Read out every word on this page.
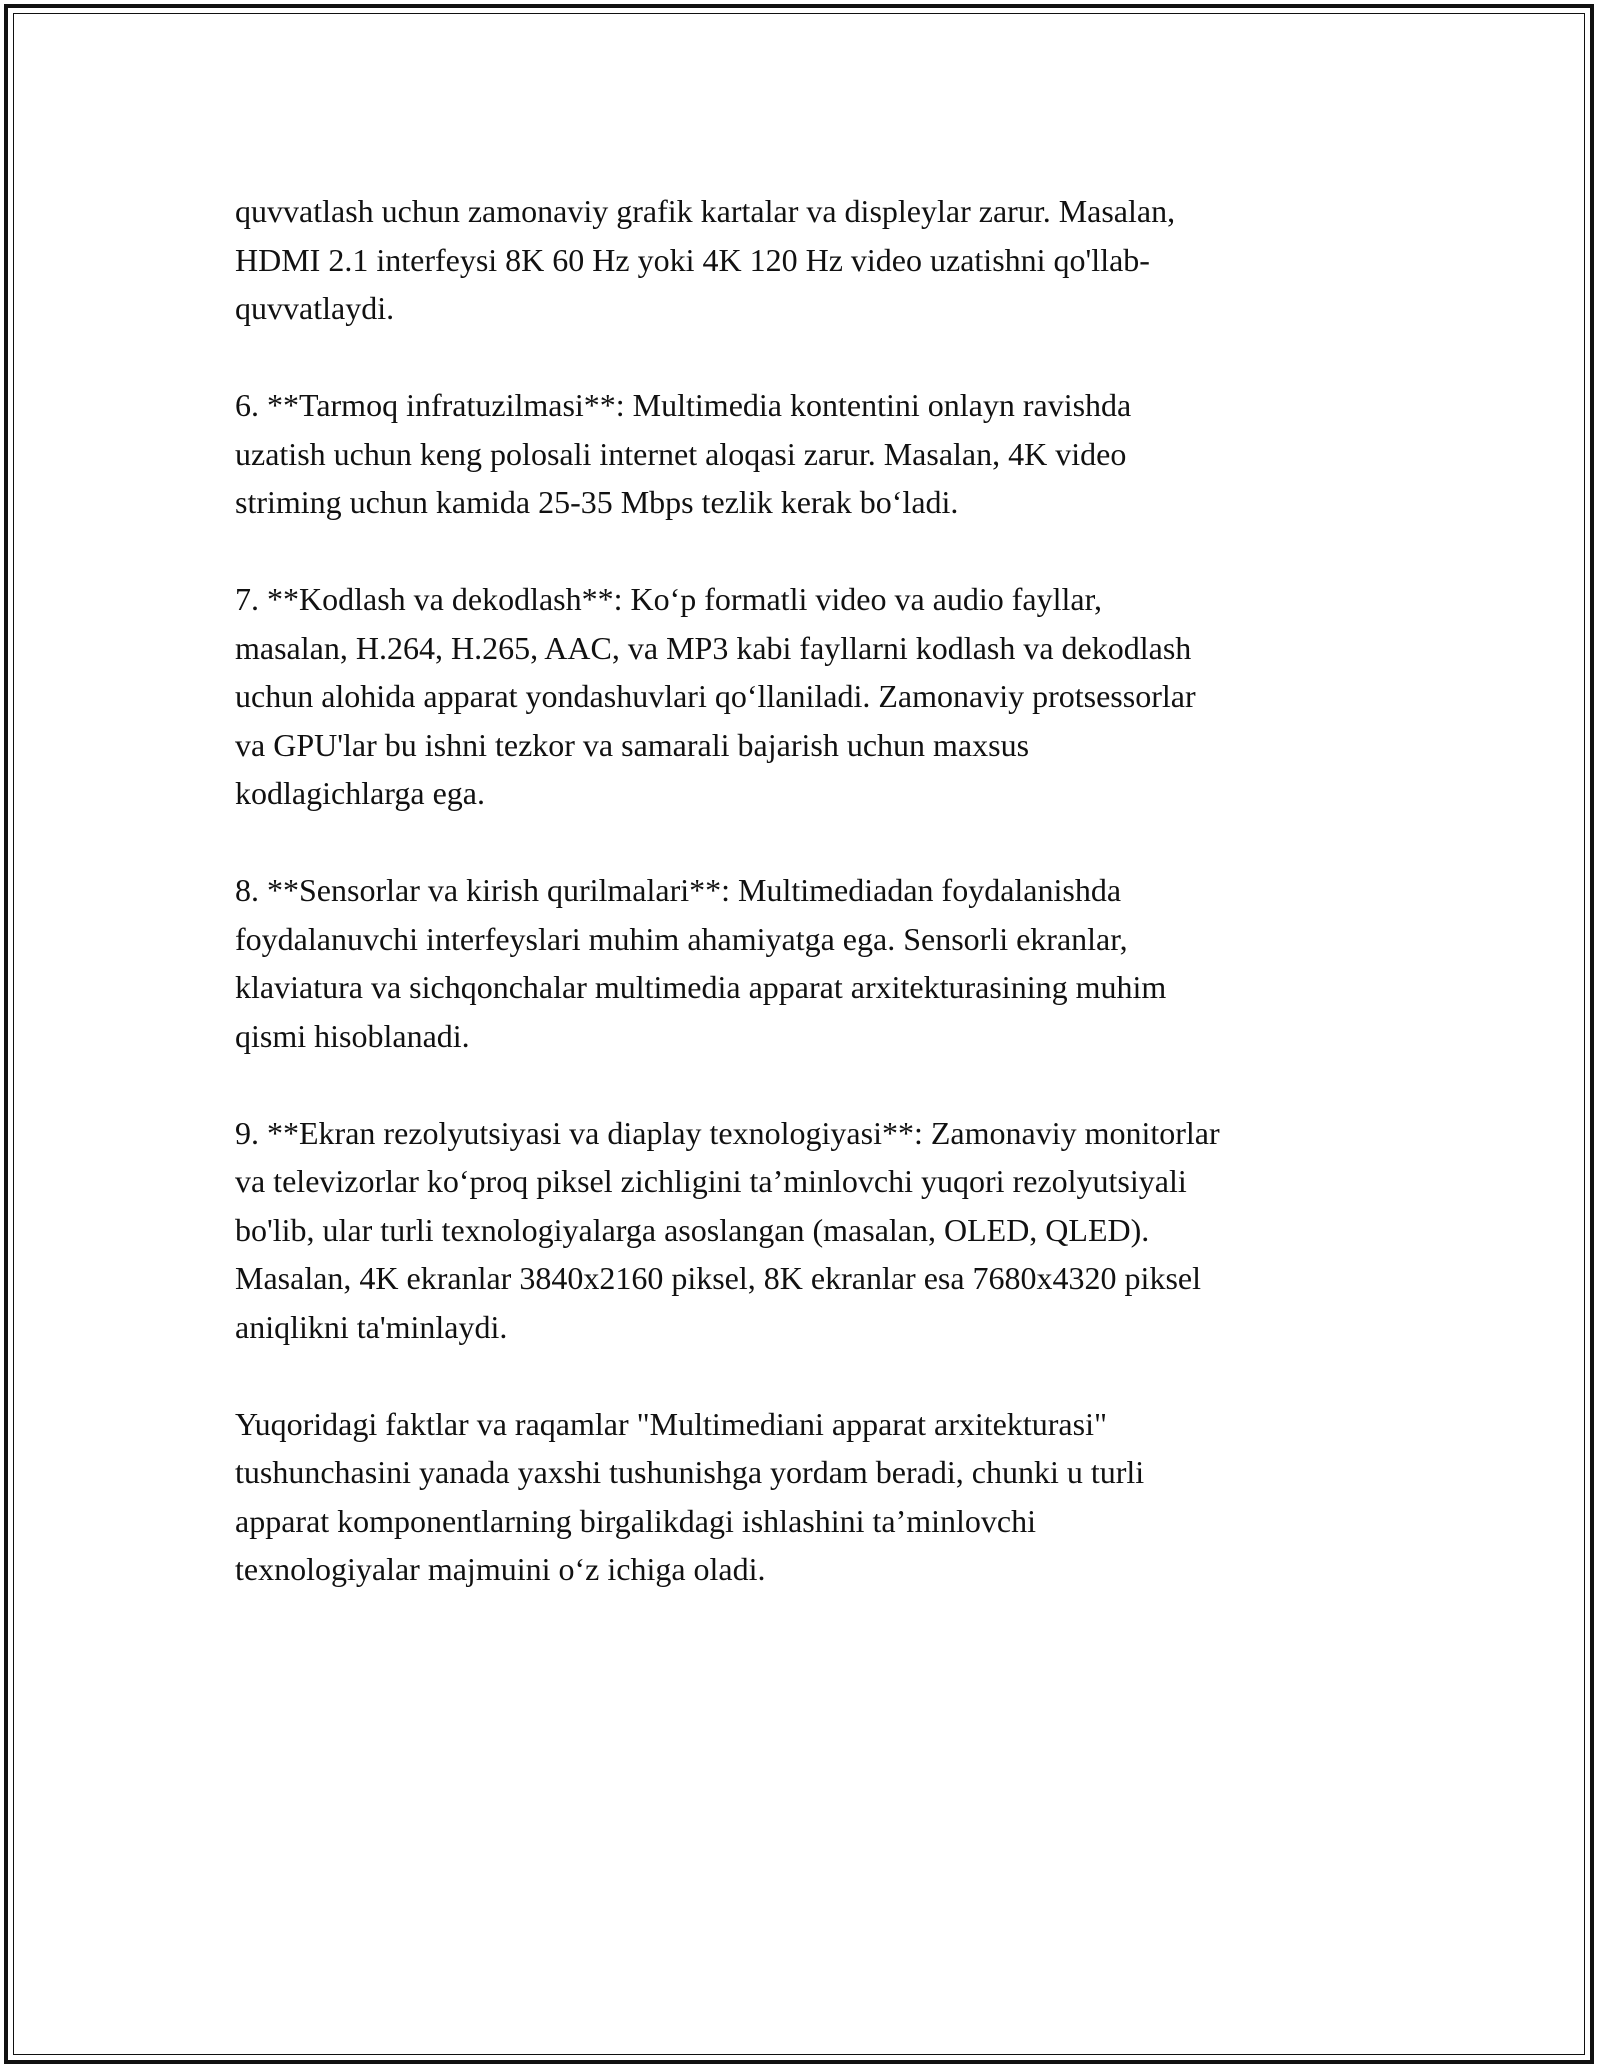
quvvatlash uchun zamonaviy grafik kartalar va displeylar zarur. Masalan,
HDMI 2.1 interfeysi 8K 60 Hz yoki 4K 120 Hz video uzatishni qo'llab-
quvvatlaydi.

6. **Tarmoq infratuzilmasi**: Multimedia kontentini onlayn ravishda
uzatish uchun keng polosali internet aloqasi zarur. Masalan, 4K video
striming uchun kamida 25-35 Mbps tezlik kerak bo‘ladi.

7. **Kodlash va dekodlash**: Ko‘p formatli video va audio fayllar,
masalan, H.264, H.265, AAC, va MP3 kabi fayllarni kodlash va dekodlash
uchun alohida apparat yondashuvlari qo‘llaniladi. Zamonaviy protsessorlar
va GPU'lar bu ishni tezkor va samarali bajarish uchun maxsus
kodlagichlarga ega.

8. **Sensorlar va kirish qurilmalari**: Multimediadan foydalanishda
foydalanuvchi interfeyslari muhim ahamiyatga ega. Sensorli ekranlar,
klaviatura va sichqonchalar multimedia apparat arxitekturasining muhim
qismi hisoblanadi.

9. **Ekran rezolyutsiyasi va diaplay texnologiyasi**: Zamonaviy monitorlar
va televizorlar ko‘proq piksel zichligini ta’minlovchi yuqori rezolyutsiyali
bo'lib, ular turli texnologiyalarga asoslangan (masalan, OLED, QLED).
Masalan, 4K ekranlar 3840x2160 piksel, 8K ekranlar esa 7680x4320 piksel
aniqlikni ta'minlaydi.

Yuqoridagi faktlar va raqamlar "Multimediani apparat arxitekturasi"
tushunchasini yanada yaxshi tushunishga yordam beradi, chunki u turli
apparat komponentlarning birgalikdagi ishlashini ta’minlovchi
texnologiyalar majmuini o‘z ichiga oladi.
